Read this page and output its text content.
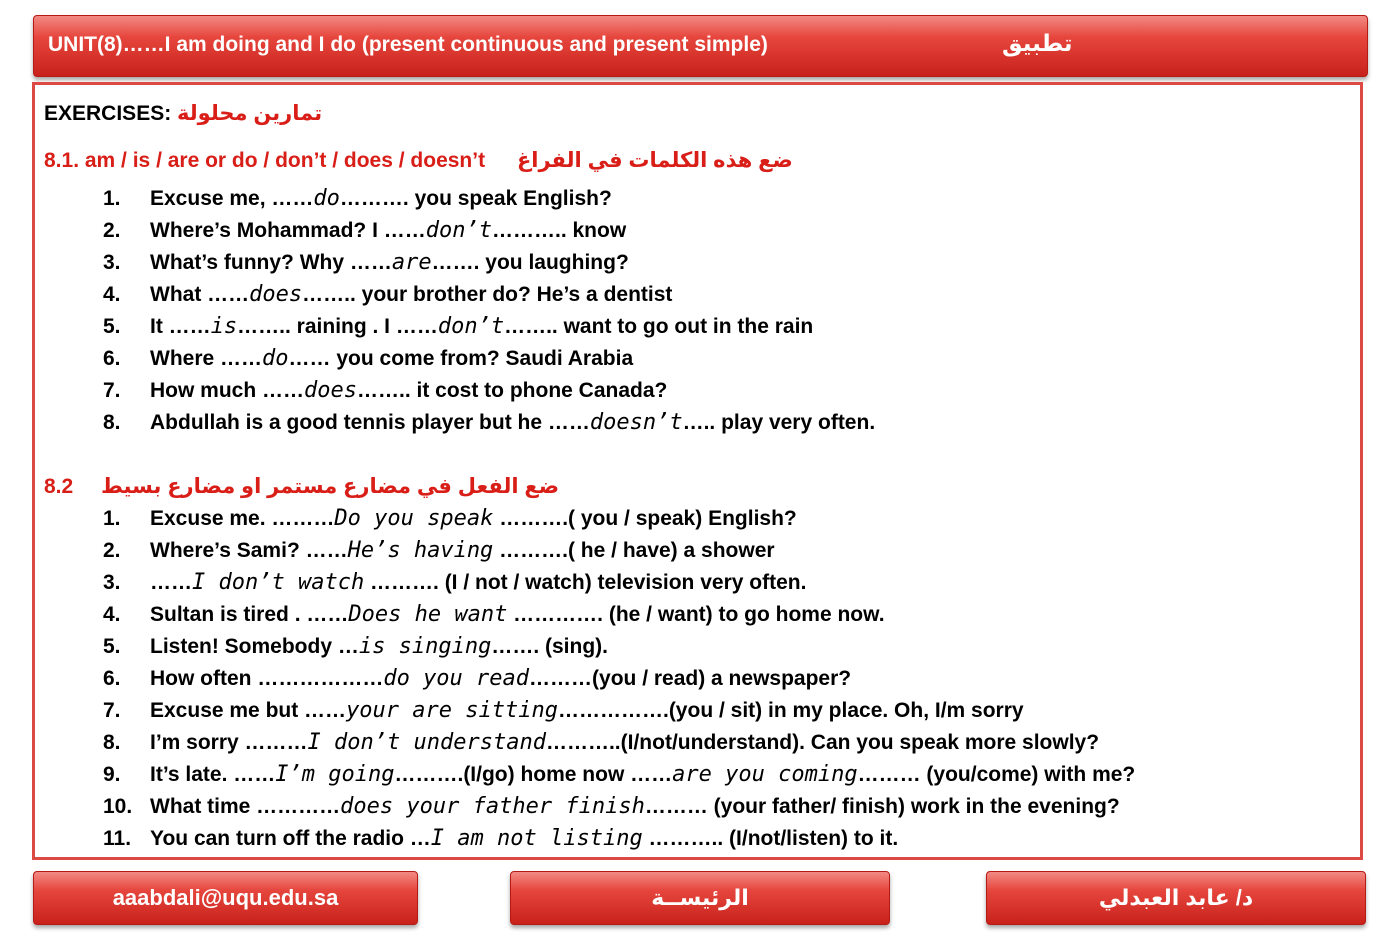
UNIT(8)……I am doing and I do (present continuous and present simple)	تطبيق
EXERCISES: تمارين محلولة
8.1. am / is / are or do / don’t / does / doesn’t ضع هذه الكلمات في الفراغ
1. Excuse me, ……do………. you speak English?
2. Where’s Mohammad? I ……don’t……….. know
3. What’s funny? Why ……are……. you laughing?
4. What ……does…….. your brother do? He’s a dentist
5. It ……is…….. raining . I ……don’t…….. want to go out in the rain
6. Where ……do…… you come from? Saudi Arabia
7. How much ……does…….. it cost to phone Canada?
8. Abdullah is a good tennis player but he ……doesn’t….. play very often.
8.2 ضع الفعل في مضارع مستمر او مضارع بسيط
1. Excuse me. ………Do you speak ……….( you / speak) English?
2. Where’s Sami? ……He’s having ……….( he / have) a shower
3. ……I don’t watch ………. (I / not / watch) television very often.
4. Sultan is tired . ……Does he want …………. (he / want) to go home now.
5. Listen! Somebody …is singing……. (sing).
6. How often ………………do you read………(you / read) a newspaper?
7. Excuse me but ……your are sitting…………….(you / sit) in my place. Oh, I/m sorry
8. I’m sorry ………I don’t understand………..(I/not/understand). Can you speak more slowly?
9. It’s late. ……I’m going……….(I/go) home now ……are you coming……… (you/come) with me?
10. What time …………does your father finish……… (your father/ finish) work in the evening?
11. You can turn off the radio …I am not listing ……….. (I/not/listen) to it.
aaabdali@uqu.edu.sa	الرئيســة	د/ عابد العبدلي
